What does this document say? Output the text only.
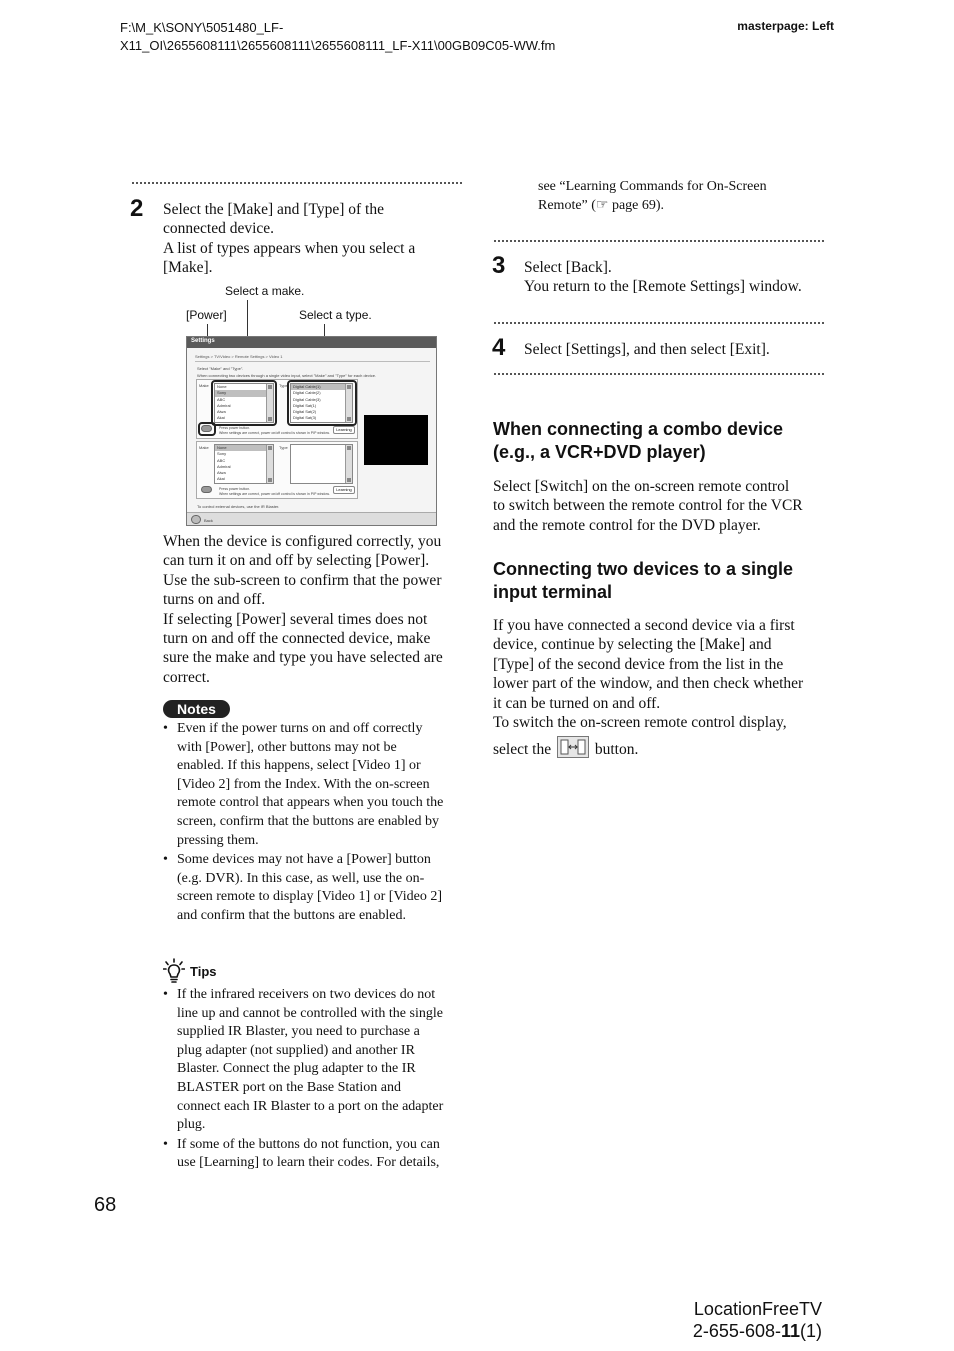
F:\M_K\SONY\5051480_LF-
X11_OI\2655608111\2655608111\2655608111_LF-X11\00GB09C05-WW.fm
masterpage: Left
2 Select the [Make] and [Type] of the
connected device.
A list of types appears when you select a
[Make].
Select a make.
[Power]	Select a type.
Settings
Settings > TV/Video > Remote Settings > Video 1
Select "Make" and "Type".
When connecting two devices through a single video input, select "Make" and "Type" for each device.
Make	Type
None
Sony
ABC
Admiral
Aiwa
Akai
Digital Cable(1)
Digital Cable(2)
Digital Cable(3)
Digital Sat(1)
Digital Sat(2)
Digital Sat(3)
Press power button.
When settings are correct, power on/off control is shown in PIP window.
Learning
Make	Type
None
Sony
ABC
Admiral
Aiwa
Akai
Press power button.
When settings are correct, power on/off control is shown in PIP window.
Learning
To control external devices, use the IR Blaster.
Back
When the device is configured correctly, you
can turn it on and off by selecting [Power].
Use the sub-screen to confirm that the power
turns on and off.
If selecting [Power] several times does not
turn on and off the connected device, make
sure the make and type you have selected are
correct.
Notes
• Even if the power turns on and off correctly
with [Power], other buttons may not be
enabled. If this happens, select [Video 1] or
[Video 2] from the Index. With the on-screen
remote control that appears when you touch the
screen, confirm that the buttons are enabled by
pressing them.
• Some devices may not have a [Power] button
(e.g. DVR). In this case, as well, use the on-
screen remote to display [Video 1] or [Video 2]
and confirm that the buttons are enabled.
Tips
• If the infrared receivers on two devices do not
line up and cannot be controlled with the single
supplied IR Blaster, you need to purchase a
plug adapter (not supplied) and another IR
Blaster. Connect the plug adapter to the IR
BLASTER port on the Base Station and
connect each IR Blaster to a port on the adapter
plug.
• If some of the buttons do not function, you can
use [Learning] to learn their codes. For details,
see “Learning Commands for On-Screen
Remote” (☞ page 69).
3 Select [Back].
You return to the [Remote Settings] window.
4 Select [Settings], and then select [Exit].
When connecting a combo device
(e.g., a VCR+DVD player)
Select [Switch] on the on-screen remote control
to switch between the remote control for the VCR
and the remote control for the DVD player.
Connecting two devices to a single
input terminal
If you have connected a second device via a first
device, continue by selecting the [Make] and
[Type] of the second device from the list in the
lower part of the window, and then check whether
it can be turned on and off.
To switch the on-screen remote control display,
select the	button.
68
LocationFreeTV
2-655-608-11(1)
